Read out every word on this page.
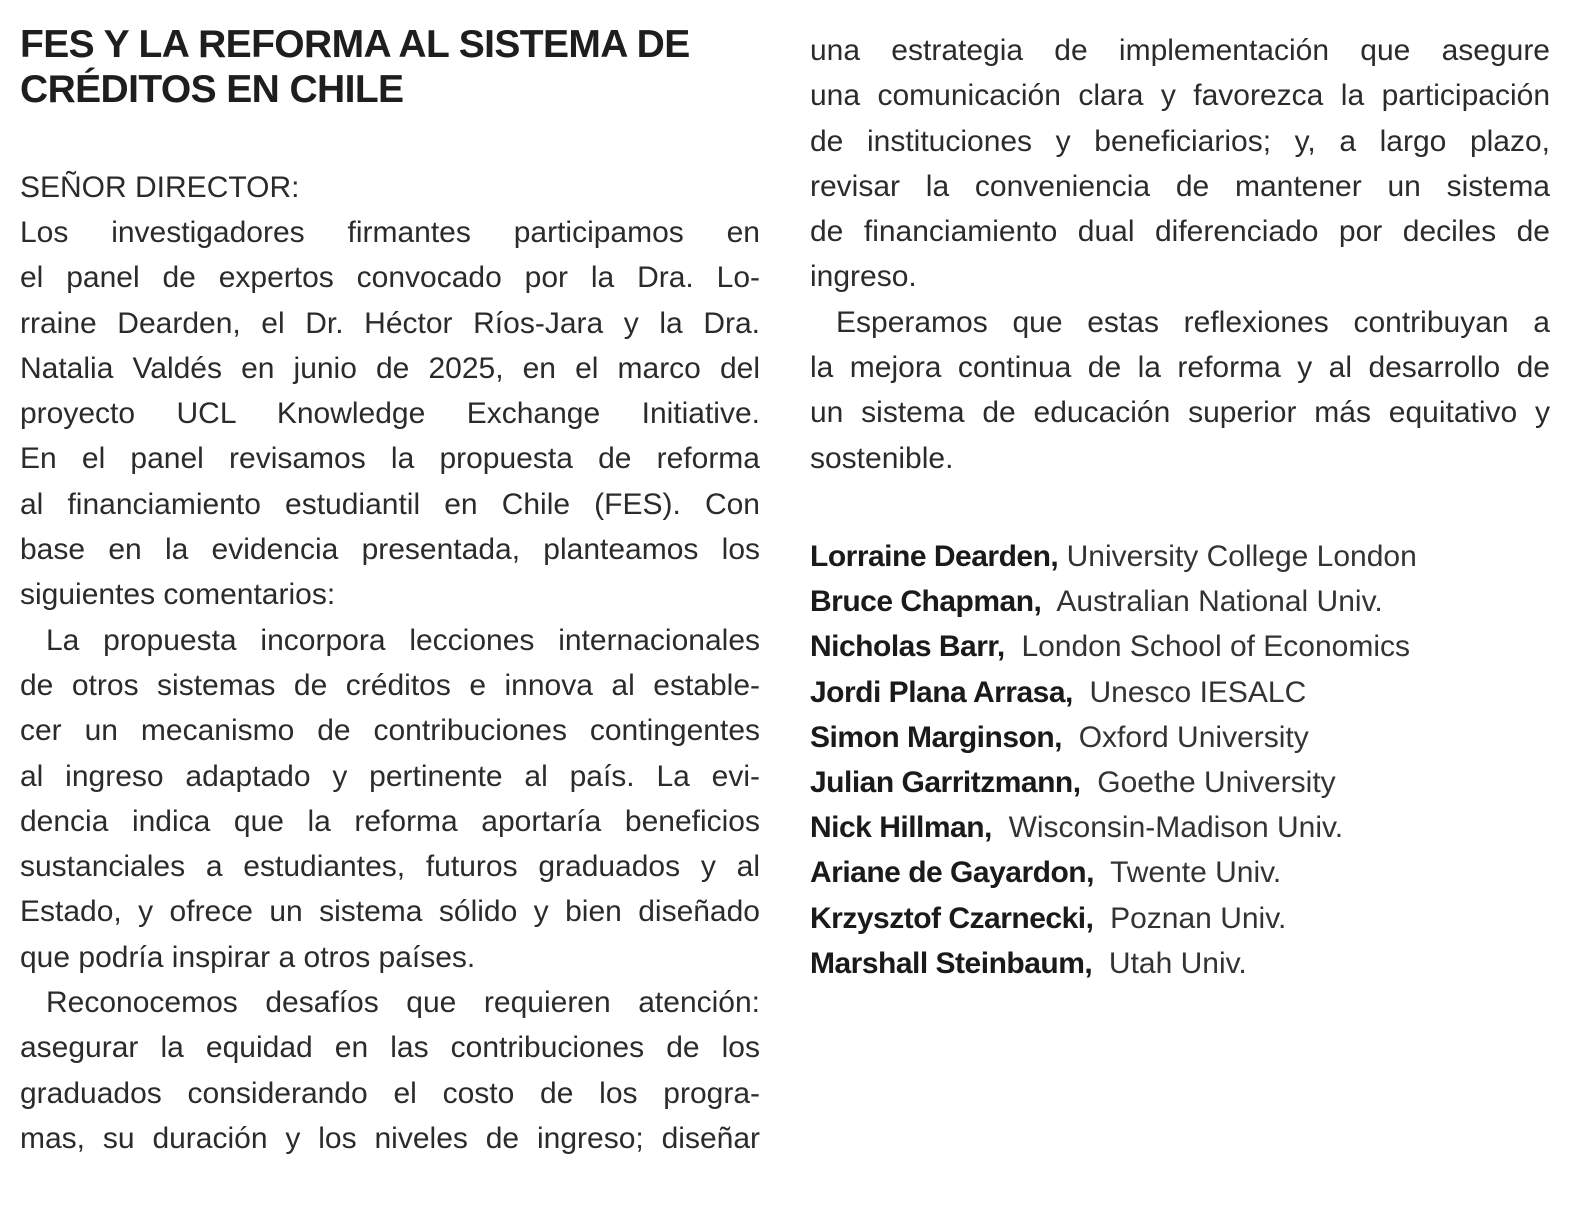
FES Y LA REFORMA AL SISTEMA DE
CRÉDITOS EN CHILE
SEÑOR DIRECTOR:
Los investigadores firmantes participamos en
el panel de expertos convocado por la Dra. Lo-
rraine Dearden, el Dr. Héctor Ríos-Jara y la Dra.
Natalia Valdés en junio de 2025, en el marco del
proyecto UCL Knowledge Exchange Initiative.
En el panel revisamos la propuesta de reforma
al financiamiento estudiantil en Chile (FES). Con
base en la evidencia presentada, planteamos los
siguientes comentarios:
La propuesta incorpora lecciones internacionales
de otros sistemas de créditos e innova al estable-
cer un mecanismo de contribuciones contingentes
al ingreso adaptado y pertinente al país. La evi-
dencia indica que la reforma aportaría beneficios
sustanciales a estudiantes, futuros graduados y al
Estado, y ofrece un sistema sólido y bien diseñado
que podría inspirar a otros países.
Reconocemos desafíos que requieren atención:
asegurar la equidad en las contribuciones de los
graduados considerando el costo de los progra-
mas, su duración y los niveles de ingreso; diseñar
una estrategia de implementación que asegure
una comunicación clara y favorezca la participación
de instituciones y beneficiarios; y, a largo plazo,
revisar la conveniencia de mantener un sistema
de financiamiento dual diferenciado por deciles de
ingreso.
Esperamos que estas reflexiones contribuyan a
la mejora continua de la reforma y al desarrollo de
un sistema de educación superior más equitativo y
sostenible.
Lorraine Dearden, University College London
Bruce Chapman, Australian National Univ.
Nicholas Barr, London School of Economics
Jordi Plana Arrasa, Unesco IESALC
Simon Marginson, Oxford University
Julian Garritzmann, Goethe University
Nick Hillman, Wisconsin-Madison Univ.
Ariane de Gayardon, Twente Univ.
Krzysztof Czarnecki, Poznan Univ.
Marshall Steinbaum, Utah Univ.
